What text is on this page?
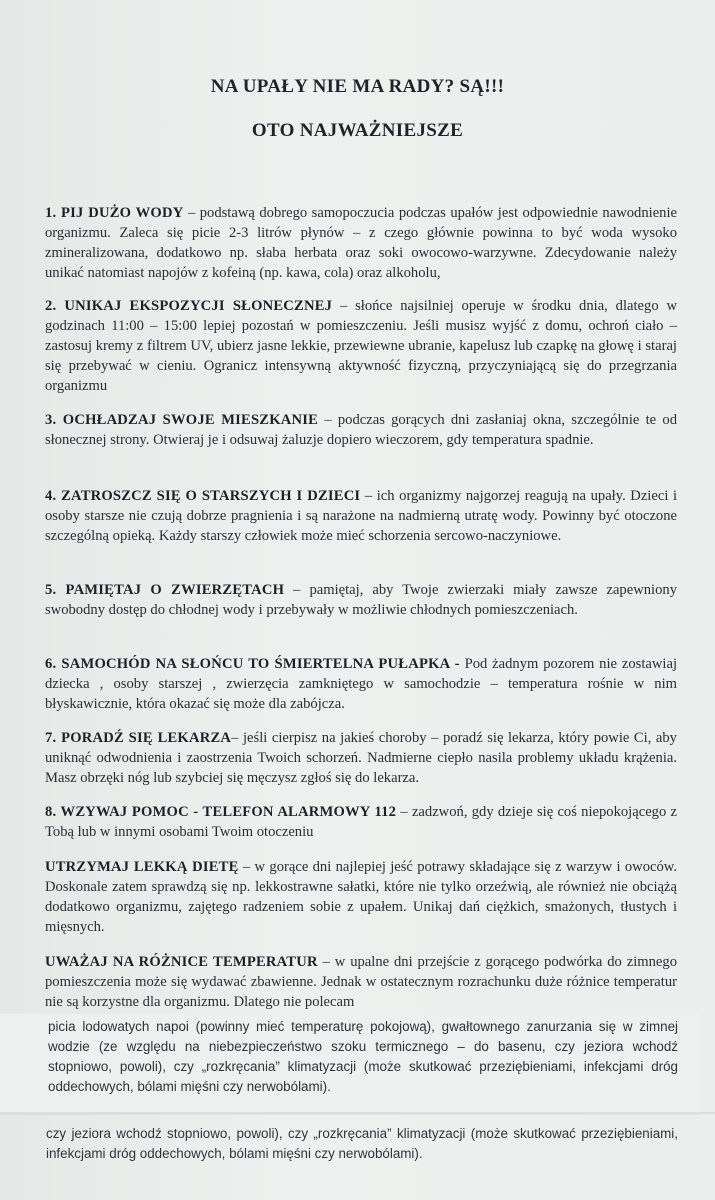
NA UPAŁY NIE MA RADY? SĄ!!!
OTO NAJWAŻNIEJSZE
1. PIJ DUŻO WODY – podstawą dobrego samopoczucia podczas upałów jest odpowiednie nawodnienie organizmu. Zaleca się picie 2-3 litrów płynów – z czego głównie powinna to być woda wysoko zmineralizowana, dodatkowo np. słaba herbata oraz soki owocowo-warzywne. Zdecydowanie należy unikać natomiast napojów z kofeiną (np. kawa, cola) oraz alkoholu,
2. UNIKAJ EKSPOZYCJI SŁONECZNEJ – słońce najsilniej operuje w środku dnia, dlatego w godzinach 11:00 – 15:00 lepiej pozostań w pomieszczeniu. Jeśli musisz wyjść z domu, ochroń ciało – zastosuj kremy z filtrem UV, ubierz jasne lekkie, przewiewne ubranie, kapelusz lub czapkę na głowę i staraj się przebywać w cieniu. Ogranicz intensywną aktywność fizyczną, przyczyniającą się do przegrzania organizmu
3. OCHŁADZAJ SWOJE MIESZKANIE – podczas gorących dni zasłaniaj okna, szczególnie te od słonecznej strony. Otwieraj je i odsuwaj żaluzje dopiero wieczorem, gdy temperatura spadnie.
4. ZATROSZCZ SIĘ O STARSZYCH I DZIECI – ich organizmy najgorzej reagują na upały. Dzieci i osoby starsze nie czują dobrze pragnienia i są narażone na nadmierną utratę wody. Powinny być otoczone szczególną opieką. Każdy starszy człowiek może mieć schorzenia sercowo-naczyniowe.
5. PAMIĘTAJ O ZWIERZĘTACH – pamiętaj, aby Twoje zwierzaki miały zawsze zapewniony swobodny dostęp do chłodnej wody i przebywały w możliwie chłodnych pomieszczeniach.
6. SAMOCHÓD NA SŁOŃCU TO ŚMIERTELNA PUŁAPKA - Pod żadnym pozorem nie zostawiaj dziecka , osoby starszej , zwierzęcia zamkniętego w samochodzie – temperatura rośnie w nim błyskawicznie, która okazać się może dla zabójcza.
7. PORADŹ SIĘ LEKARZA– jeśli cierpisz na jakieś choroby – poradź się lekarza, który powie Ci, aby uniknąć odwodnienia i zaostrzenia Twoich schorzeń. Nadmierne ciepło nasila problemy układu krążenia. Masz obrzęki nóg lub szybciej się męczysz zgłoś się do lekarza.
8. WZYWAJ POMOC - TELEFON ALARMOWY 112 – zadzwoń, gdy dzieje się coś niepokojącego z Tobą lub w innymi osobami Twoim otoczeniu
UTRZYMAJ LEKKĄ DIETĘ – w gorące dni najlepiej jeść potrawy składające się z warzyw i owoców. Doskonale zatem sprawdzą się np. lekkostrawne sałatki, które nie tylko orzeźwią, ale również nie obciążą dodatkowo organizmu, zajętego radzeniem sobie z upałem. Unikaj dań ciężkich, smażonych, tłustych i mięsnych.
UWAŻAJ NA RÓŻNICE TEMPERATUR – w upalne dni przejście z gorącego podwórka do zimnego pomieszczenia może się wydawać zbawienne. Jednak w ostatecznym rozrachunku duże różnice temperatur nie są korzystne dla organizmu. Dlatego nie polecam
picia lodowatych napoi (powinny mieć temperaturę pokojową), gwałtownego zanurzania się w zimnej wodzie (ze względu na niebezpieczeństwo szoku termicznego – do basenu, czy jeziora wchodź stopniowo, powoli), czy „rozkręcania” klimatyzacji (może skutkować przeziębieniami, infekcjami dróg oddechowych, bólami mięśni czy nerwobólami).
czy jeziora wchodź stopniowo, powoli), czy „rozkręcania” klimatyzacji (może skutkować przeziębieniami, infekcjami dróg oddechowych, bólami mięśni czy nerwobólami).
